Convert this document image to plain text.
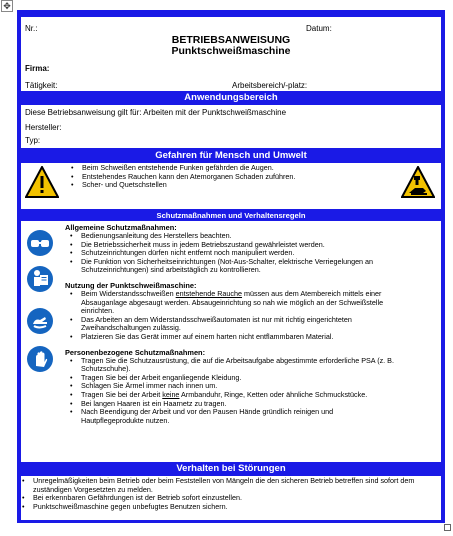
✥
Nr.:	Datum:
BETRIEBSANWEISUNG
Punktschweißmaschine
Firma:
Tätigkeit:	Arbeitsbereich/-platz:
Anwendungsbereich
Diese Betriebsanweisung gilt für: Arbeiten mit der Punktschweißmaschine
Hersteller:
Typ:
Gefahren für Mensch und Umwelt
• Beim Schweißen entstehende Funken gefährden die Augen.
• Entstehendes Rauchen kann den Atemorganen Schaden zuführen.
• Scher- und Quetschstellen
Schutzmaßnahmen und Verhaltensregeln
Allgemeine Schutzmaßnahmen:
• Bedienungsanleitung des Herstellers beachten.
• Die Betriebssicherheit muss in jedem Betriebszustand gewährleistet werden.
• Schutzeinrichtungen dürfen nicht entfernt noch manipuliert werden.
• Die Funktion von Sicherheitseinrichtungen (Not-Aus-Schalter, elektrische Verriegelungen an Schutzeinrichtungen) sind arbeitstäglich zu kontrollieren.
Nutzung der Punktschweißmaschine:
• Beim Widerstandsschweißen entstehende Rauche müssen aus dem Atembereich mittels einer Absauganlage abgesaugt werden. Absaugeinrichtung so nah wie möglich an der Schweißstelle einrichten.
• Das Arbeiten an dem Widerstandsschweißautomaten ist nur mit richtig eingerichteten Zweihandschaltungen zulässig.
• Platzieren Sie das Gerät immer auf einem harten nicht entflammbaren Material.
Personenbezogene Schutzmaßnahmen:
• Tragen Sie die Schutzausrüstung, die auf die Arbeitsaufgabe abgestimmte erforderliche PSA (z. B. Schutzschuhe).
• Tragen Sie bei der Arbeit enganliegende Kleidung.
• Schlagen Sie Ärmel immer nach innen um.
• Tragen Sie bei der Arbeit keine Armbanduhr, Ringe, Ketten oder ähnliche Schmuckstücke.
• Bei langen Haaren ist ein Haarnetz zu tragen.
• Nach Beendigung der Arbeit und vor den Pausen Hände gründlich reinigen und Hautpflegeprodukte nutzen.
Verhalten bei Störungen
• Unregelmäßigkeiten beim Betrieb oder beim Feststellen von Mängeln die den sicheren Betrieb betreffen sind sofort dem zuständigen Vorgesetzten zu melden.
• Bei erkennbaren Gefährdungen ist der Betrieb sofort einzustellen.
• Punktschweißmaschine gegen unbefugtes Benutzen sichern.
